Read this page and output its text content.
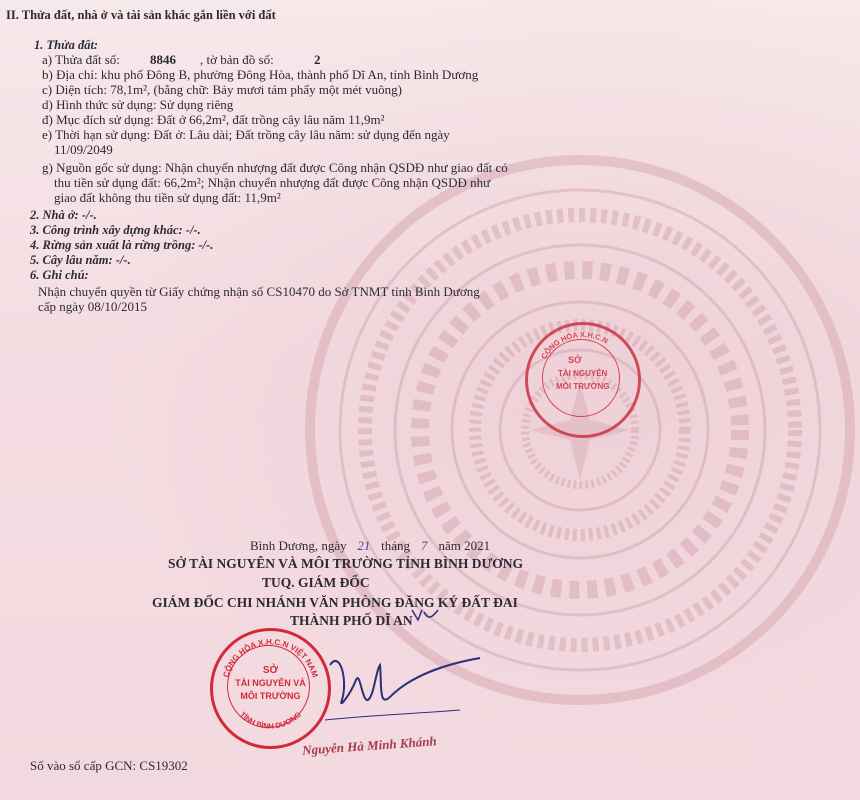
II. Thửa đất, nhà ở và tài sản khác gắn liền với đất
1. Thửa đất:
a) Thửa đất số: 8846 , tờ bản đồ số:	2
b) Địa chỉ: khu phố Đông B, phường Đông Hòa, thành phố Dĩ An, tỉnh Bình Dương
c) Diện tích: 78,1m², (bằng chữ: Bảy mươi tám phẩy một mét vuông)
d) Hình thức sử dụng: Sử dụng riêng
đ) Mục đích sử dụng: Đất ở 66,2m², đất trồng cây lâu năm 11,9m²
e) Thời hạn sử dụng: Đất ở: Lâu dài; Đất trồng cây lâu năm: sử dụng đến ngày
11/09/2049
g) Nguồn gốc sử dụng: Nhận chuyển nhượng đất được Công nhận QSDĐ như giao đất có
thu tiền sử dụng đất: 66,2m²; Nhận chuyển nhượng đất được Công nhận QSDĐ như
giao đất không thu tiền sử dụng đất: 11,9m²
2. Nhà ở: -/-.
3. Công trình xây dựng khác: -/-.
4. Rừng sản xuất là rừng trồng: -/-.
5. Cây lâu năm: -/-.
6. Ghi chú:
Nhận chuyển quyền từ Giấy chứng nhận số CS10470 do Sở TNMT tỉnh Bình Dương
cấp ngày 08/10/2015
Bình Dương, ngày 21 tháng 7 năm 2021
SỞ TÀI NGUYÊN VÀ MÔI TRƯỜNG TỈNH BÌNH DƯƠNG
TUQ. GIÁM ĐỐC
GIÁM ĐỐC CHI NHÁNH VĂN PHÒNG ĐĂNG KÝ ĐẤT ĐAI
THÀNH PHỐ DĨ AN
CỘNG HÒA X.H.C.N VIỆT NAM
TỈNH BÌNH DƯƠNG
SỞ
TÀI NGUYÊN VÀ
MÔI TRƯỜNG
CỘNG HÒA X.H.C.N
SỞ
TÀI NGUYÊN
MÔI TRƯỜNG
Nguyễn Hà Minh Khánh
Số vào sổ cấp GCN: CS19302
